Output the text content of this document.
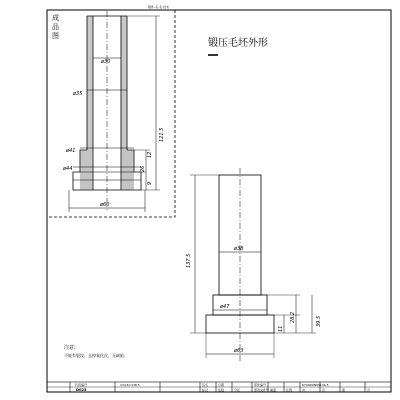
锻件-毛-毛 技术
成
品
图
ø30
ø35
121.5
ø41
ø44	26
12
9
ø60
锻压毛坯外形
ø38
137.5
ø47
28.2	39.5
11
ø63
注意:
不能有裂纹，去掉氧化皮，无缺陷.
代码编号
D025
134.8=138.5	部件编号	0700D0N00134.5
签名	日期
标记	处数	分区	更改文件号 重量	比例	共	页	第	页
